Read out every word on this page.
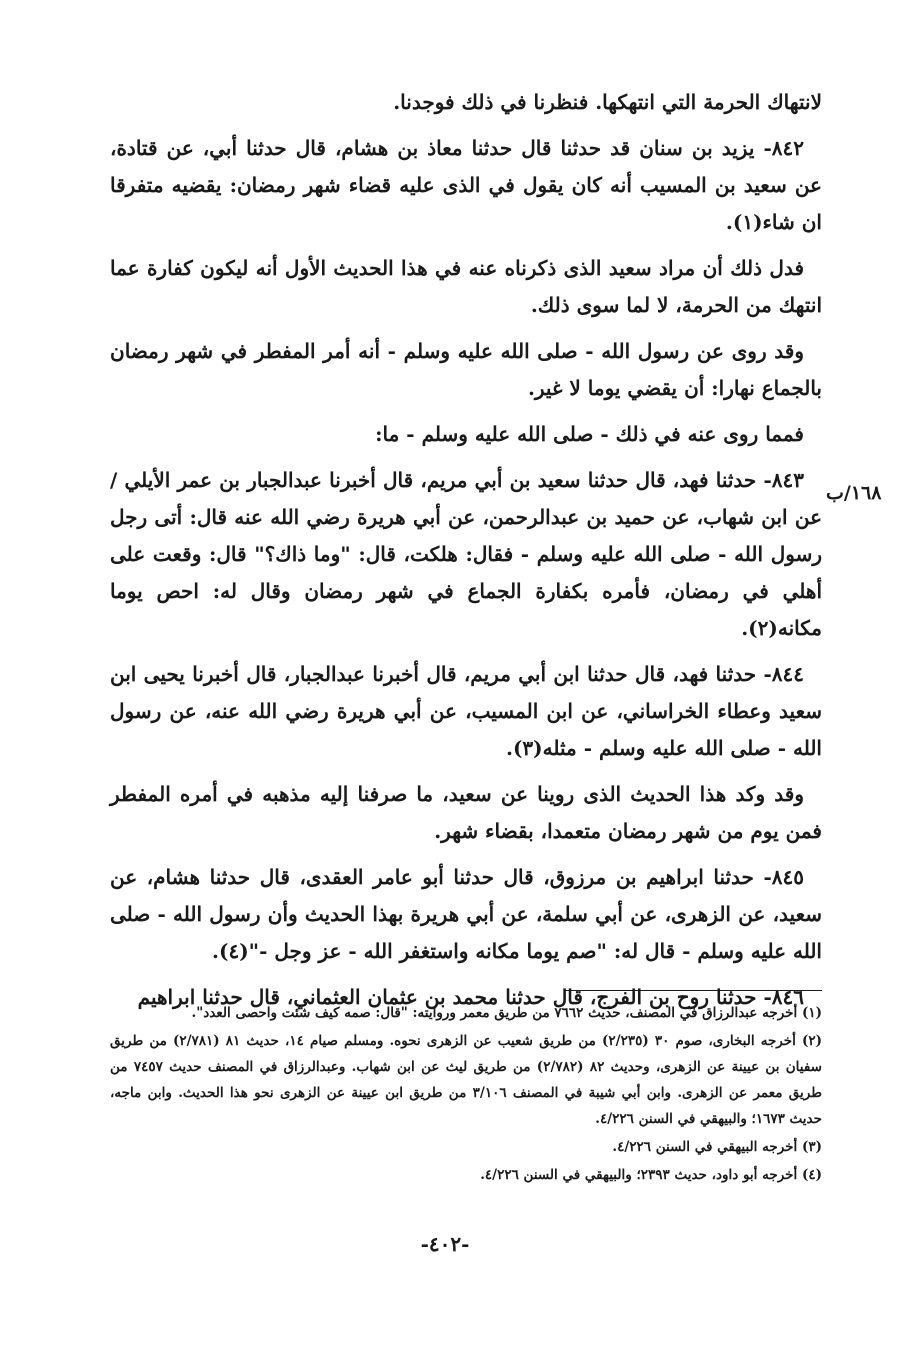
١٦٨/ب

لانتهاك الحرمة التي انتهكها. فنظرنا في ذلك فوجدنا.

٨٤٢- يزيد بن سنان قد حدثنا قال حدثنا معاذ بن هشام، قال حدثنا أبي، عن قتادة، عن سعيد بن المسيب أنه كان يقول في الذى عليه قضاء شهر رمضان: يقضيه متفرقا ان شاء(١).

فدل ذلك أن مراد سعيد الذى ذكرناه عنه في هذا الحديث الأول أنه ليكون كفارة عما انتهك من الحرمة، لا لما سوى ذلك.

وقد روى عن رسول الله - صلى الله عليه وسلم - أنه أمر المفطر في شهر رمضان بالجماع نهارا: أن يقضي يوما لا غير.

فمما روى عنه في ذلك - صلى الله عليه وسلم - ما:

٨٤٣- حدثنا فهد، قال حدثنا سعيد بن أبي مريم، قال أخبرنا عبدالجبار بن عمر الأيلي / عن ابن شهاب، عن حميد بن عبدالرحمن، عن أبي هريرة رضي الله عنه قال: أتى رجل رسول الله - صلى الله عليه وسلم - فقال: هلكت، قال: "وما ذاك؟" قال: وقعت على أهلي في رمضان، فأمره بكفارة الجماع في شهر رمضان وقال له: احص يوما مكانه(٢).

٨٤٤- حدثنا فهد، قال حدثنا ابن أبي مريم، قال أخبرنا عبدالجبار، قال أخبرنا يحيى ابن سعيد وعطاء الخراساني، عن ابن المسيب، عن أبي هريرة رضي الله عنه، عن رسول الله - صلى الله عليه وسلم - مثله(٣).

وقد وكد هذا الحديث الذى روينا عن سعيد، ما صرفنا إليه مذهبه في أمره المفطر فمن يوم من شهر رمضان متعمدا، بقضاء شهر.

٨٤٥- حدثنا ابراهيم بن مرزوق، قال حدثنا أبو عامر العقدى، قال حدثنا هشام، عن سعيد، عن الزهرى، عن أبي سلمة، عن أبي هريرة بهذا الحديث وأن رسول الله - صلى الله عليه وسلم - قال له: "صم يوما مكانه واستغفر الله - عز وجل -"(٤).

٨٤٦- حدثنا روح بن الفرج، قال حدثنا محمد بن عثمان العثماني، قال حدثنا ابراهيم

(١) أخرجه عبدالرزاق في المصنف، حديث ٧٦٦٢ من طريق معمر وروايته: "قال: صمه كيف شئت واحصى العدد".

(٢) أخرجه البخارى، صوم ٣٠ (٢/٢٣٥) من طريق شعيب عن الزهرى نحوه. ومسلم صيام ١٤، حديث ٨١ (٢/٧٨١) من طريق سفيان بن عيينة عن الزهرى، وحديث ٨٢ (٢/٧٨٢) من طريق ليث عن ابن شهاب. وعبدالرزاق في المصنف حديث ٧٤٥٧ من طريق معمر عن الزهرى. وابن أبي شيبة في المصنف ٣/١٠٦ من طريق ابن عيينة عن الزهرى نحو هذا الحديث. وابن ماجه، حديث ١٦٧٣؛ والبيهقي في السنن ٤/٢٢٦.

(٣) أخرجه البيهقي في السنن ٤/٢٢٦.

(٤) أخرجه أبو داود، حديث ٢٣٩٣؛ والبيهقي في السنن ٤/٢٢٦.

-٤٠٢-
